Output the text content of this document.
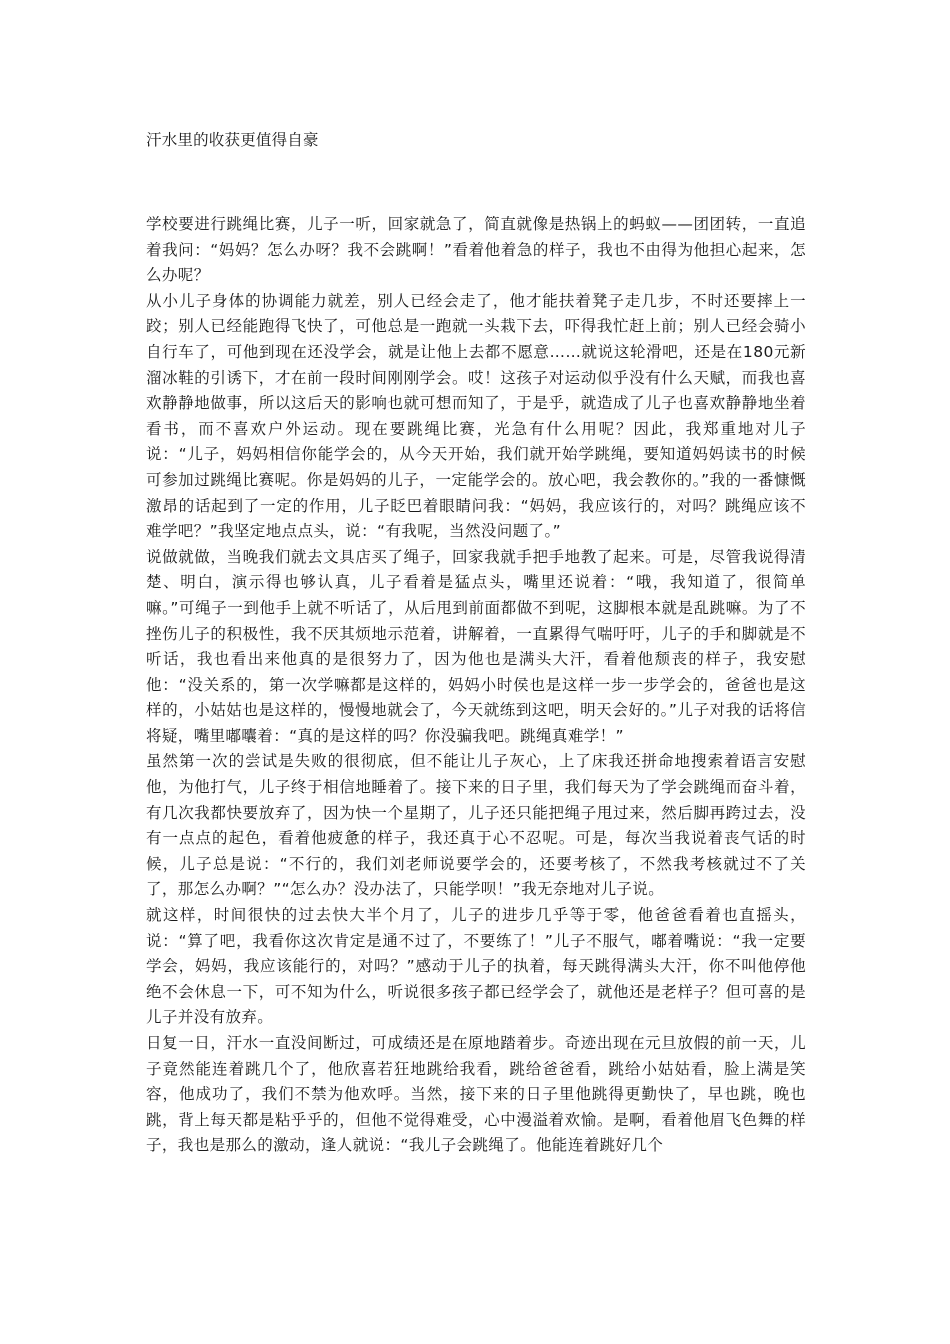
汗水里的收获更值得自豪

学校要进行跳绳比赛，儿子一听，回家就急了，简直就像是热锅上的蚂蚁——团团转，一直追着我问：“妈妈？怎么办呀？我不会跳啊！”看着他着急的样子，我也不由得为他担心起来，怎么办呢？

从小儿子身体的协调能力就差，别人已经会走了，他才能扶着凳子走几步，不时还要摔上一跤；别人已经能跑得飞快了，可他总是一跑就一头栽下去，吓得我忙赶上前；别人已经会骑小自行车了，可他到现在还没学会，就是让他上去都不愿意……就说这轮滑吧，还是在180元新溜冰鞋的引诱下，才在前一段时间刚刚学会。哎！这孩子对运动似乎没有什么天赋，而我也喜欢静静地做事，所以这后天的影响也就可想而知了，于是乎，就造成了儿子也喜欢静静地坐着看书，而不喜欢户外运动。现在要跳绳比赛，光急有什么用呢？因此，我郑重地对儿子说：“儿子，妈妈相信你能学会的，从今天开始，我们就开始学跳绳，要知道妈妈读书的时候可参加过跳绳比赛呢。你是妈妈的儿子，一定能学会的。放心吧，我会教你的。”我的一番慷慨激昂的话起到了一定的作用，儿子眨巴着眼睛问我：“妈妈，我应该行的，对吗？跳绳应该不难学吧？”我坚定地点点头，说：“有我呢，当然没问题了。”

说做就做，当晚我们就去文具店买了绳子，回家我就手把手地教了起来。可是，尽管我说得清楚、明白，演示得也够认真，儿子看着是猛点头，嘴里还说着：“哦，我知道了，很简单嘛。”可绳子一到他手上就不听话了，从后甩到前面都做不到呢，这脚根本就是乱跳嘛。为了不挫伤儿子的积极性，我不厌其烦地示范着，讲解着，一直累得气喘吁吁，儿子的手和脚就是不听话，我也看出来他真的是很努力了，因为他也是满头大汗，看着他颓丧的样子，我安慰他：“没关系的，第一次学嘛都是这样的，妈妈小时侯也是这样一步一步学会的，爸爸也是这样的，小姑姑也是这样的，慢慢地就会了，今天就练到这吧，明天会好的。”儿子对我的话将信将疑，嘴里嘟囔着：“真的是这样的吗？你没骗我吧。跳绳真难学！”

虽然第一次的尝试是失败的很彻底，但不能让儿子灰心，上了床我还拼命地搜索着语言安慰他，为他打气，儿子终于相信地睡着了。接下来的日子里，我们每天为了学会跳绳而奋斗着，有几次我都快要放弃了，因为快一个星期了，儿子还只能把绳子甩过来，然后脚再跨过去，没有一点点的起色，看着他疲惫的样子，我还真于心不忍呢。可是，每次当我说着丧气话的时候，儿子总是说：“不行的，我们刘老师说要学会的，还要考核了，不然我考核就过不了关了，那怎么办啊？”“怎么办？没办法了，只能学呗！”我无奈地对儿子说。

就这样，时间很快的过去快大半个月了，儿子的进步几乎等于零，他爸爸看着也直摇头，说：“算了吧，我看你这次肯定是通不过了，不要练了！”儿子不服气，嘟着嘴说：“我一定要学会，妈妈，我应该能行的，对吗？”感动于儿子的执着，每天跳得满头大汗，你不叫他停他绝不会休息一下，可不知为什么，听说很多孩子都已经学会了，就他还是老样子？但可喜的是儿子并没有放弃。

日复一日，汗水一直没间断过，可成绩还是在原地踏着步。奇迹出现在元旦放假的前一天，儿子竟然能连着跳几个了，他欣喜若狂地跳给我看，跳给爸爸看，跳给小姑姑看，脸上满是笑容，他成功了，我们不禁为他欢呼。当然，接下来的日子里他跳得更勤快了，早也跳，晚也跳，背上每天都是粘乎乎的，但他不觉得难受，心中漫溢着欢愉。是啊，看着他眉飞色舞的样子，我也是那么的激动，逢人就说：“我儿子会跳绳了。他能连着跳好几个
